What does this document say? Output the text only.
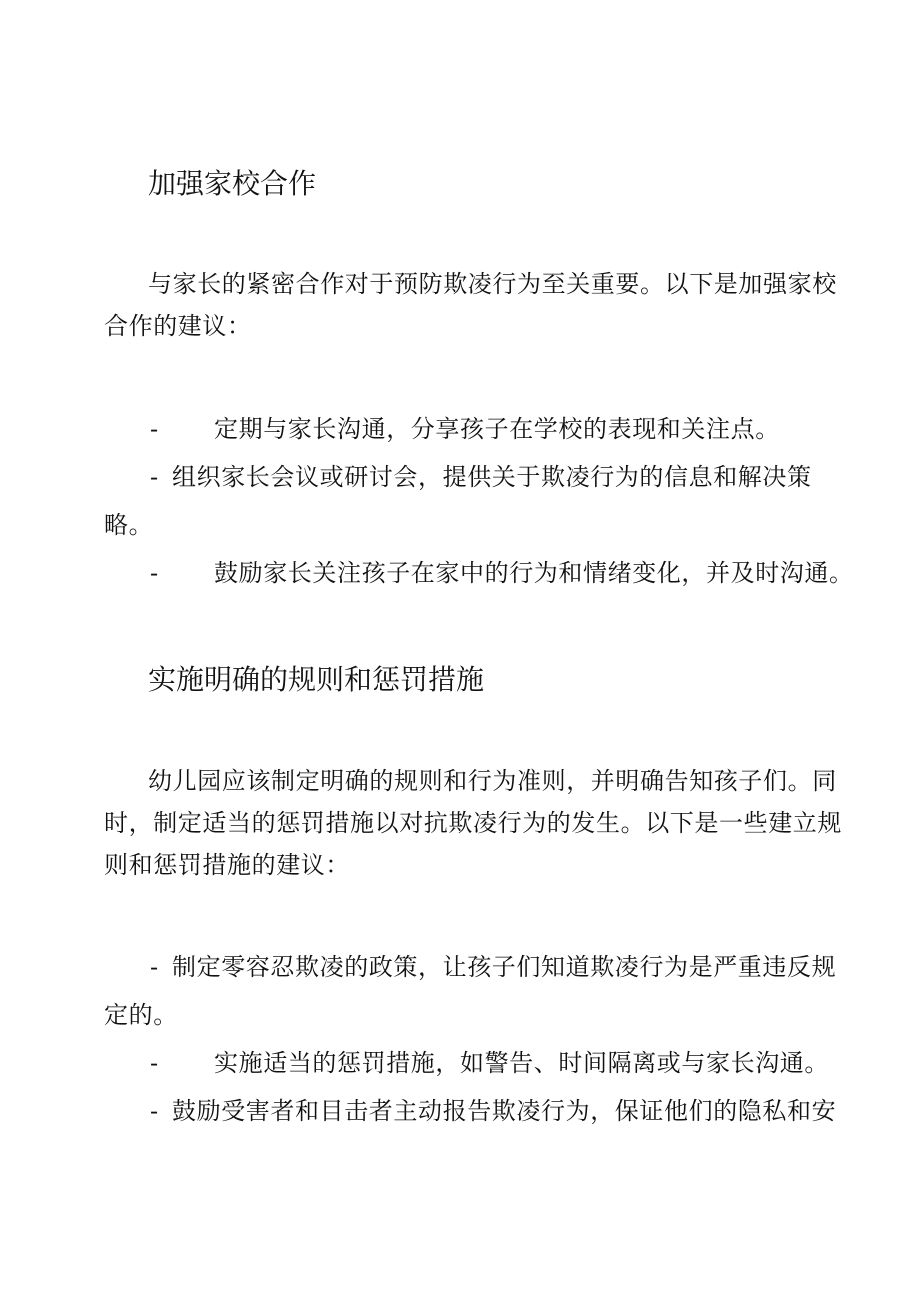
加强家校合作
与家长的紧密合作对于预防欺凌行为至关重要。以下是加强家校
合作的建议：
- 定期与家长沟通，分享孩子在学校的表现和关注点。
- 组织家长会议或研讨会，提供关于欺凌行为的信息和解决策
略。
- 鼓励家长关注孩子在家中的行为和情绪变化，并及时沟通。
实施明确的规则和惩罚措施
幼儿园应该制定明确的规则和行为准则，并明确告知孩子们。同
时，制定适当的惩罚措施以对抗欺凌行为的发生。以下是一些建立规
则和惩罚措施的建议：
- 制定零容忍欺凌的政策，让孩子们知道欺凌行为是严重违反规
定的。
- 实施适当的惩罚措施，如警告、时间隔离或与家长沟通。
- 鼓励受害者和目击者主动报告欺凌行为，保证他们的隐私和安
